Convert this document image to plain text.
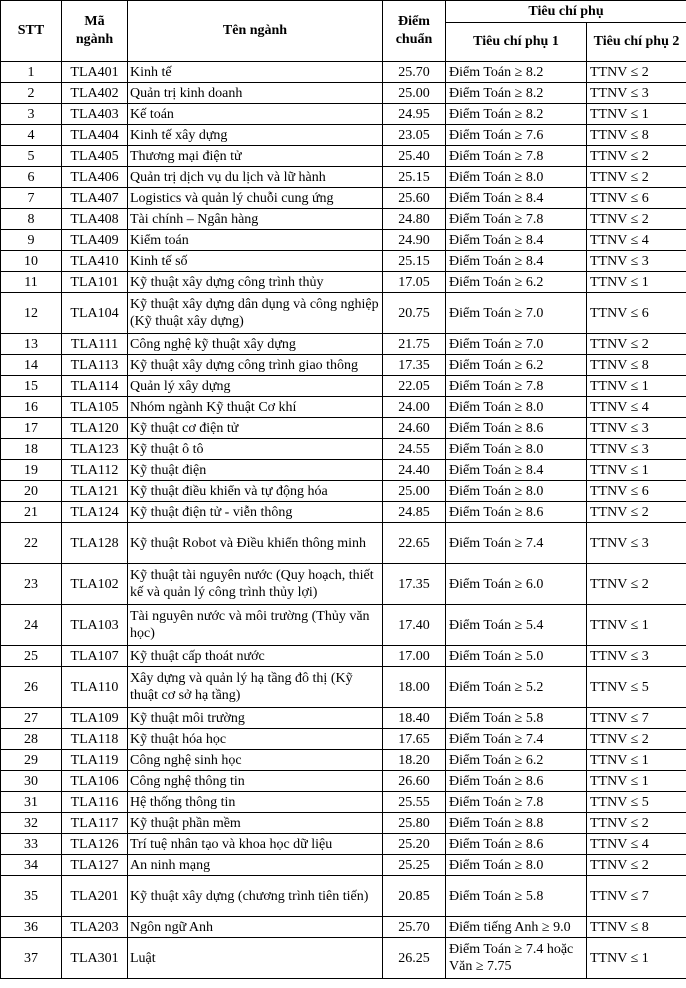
STT	Mã ngành	Tên ngành	Điểm chuẩn	Tiêu chí phụ	
				Tiêu chí phụ 1	Tiêu chí phụ 2
1	TLA401	Kinh tế	25.70	Điểm Toán ≥ 8.2	TTNV ≤ 2
2	TLA402	Quản trị kinh doanh	25.00	Điểm Toán ≥ 8.2	TTNV ≤ 3
3	TLA403	Kế toán	24.95	Điểm Toán ≥ 8.2	TTNV ≤ 1
4	TLA404	Kinh tế xây dựng	23.05	Điểm Toán ≥ 7.6	TTNV ≤ 8
5	TLA405	Thương mại điện tử	25.40	Điểm Toán ≥ 7.8	TTNV ≤ 2
6	TLA406	Quản trị dịch vụ du lịch và lữ hành	25.15	Điểm Toán ≥ 8.0	TTNV ≤ 2
7	TLA407	Logistics và quản lý chuỗi cung ứng	25.60	Điểm Toán ≥ 8.4	TTNV ≤ 6
8	TLA408	Tài chính – Ngân hàng	24.80	Điểm Toán ≥ 7.8	TTNV ≤ 2
9	TLA409	Kiểm toán	24.90	Điểm Toán ≥ 8.4	TTNV ≤ 4
10	TLA410	Kinh tế số	25.15	Điểm Toán ≥ 8.4	TTNV ≤ 3
11	TLA101	Kỹ thuật xây dựng công trình thủy	17.05	Điểm Toán ≥ 6.2	TTNV ≤ 1
12	TLA104	Kỹ thuật xây dựng dân dụng và công nghiệp (Kỹ thuật xây dựng)	20.75	Điểm Toán ≥ 7.0	TTNV ≤ 6
13	TLA111	Công nghệ kỹ thuật xây dựng	21.75	Điểm Toán ≥ 7.0	TTNV ≤ 2
14	TLA113	Kỹ thuật xây dựng công trình giao thông	17.35	Điểm Toán ≥ 6.2	TTNV ≤ 8
15	TLA114	Quản lý xây dựng	22.05	Điểm Toán ≥ 7.8	TTNV ≤ 1
16	TLA105	Nhóm ngành Kỹ thuật Cơ khí	24.00	Điểm Toán ≥ 8.0	TTNV ≤ 4
17	TLA120	Kỹ thuật cơ điện tử	24.60	Điểm Toán ≥ 8.6	TTNV ≤ 3
18	TLA123	Kỹ thuật ô tô	24.55	Điểm Toán ≥ 8.0	TTNV ≤ 3
19	TLA112	Kỹ thuật điện	24.40	Điểm Toán ≥ 8.4	TTNV ≤ 1
20	TLA121	Kỹ thuật điều khiển và tự động hóa	25.00	Điểm Toán ≥ 8.0	TTNV ≤ 6
21	TLA124	Kỹ thuật điện tử - viễn thông	24.85	Điểm Toán ≥ 8.6	TTNV ≤ 2
22	TLA128	Kỹ thuật Robot và Điều khiển thông minh	22.65	Điểm Toán ≥ 7.4	TTNV ≤ 3
23	TLA102	Kỹ thuật tài nguyên nước (Quy hoạch, thiết kế và quản lý công trình thủy lợi)	17.35	Điểm Toán ≥ 6.0	TTNV ≤ 2
24	TLA103	Tài nguyên nước và môi trường (Thủy văn học)	17.40	Điểm Toán ≥ 5.4	TTNV ≤ 1
25	TLA107	Kỹ thuật cấp thoát nước	17.00	Điểm Toán ≥ 5.0	TTNV ≤ 3
26	TLA110	Xây dựng và quản lý hạ tầng đô thị (Kỹ thuật cơ sở hạ tầng)	18.00	Điểm Toán ≥ 5.2	TTNV ≤ 5
27	TLA109	Kỹ thuật môi trường	18.40	Điểm Toán ≥ 5.8	TTNV ≤ 7
28	TLA118	Kỹ thuật hóa học	17.65	Điểm Toán ≥ 7.4	TTNV ≤ 2
29	TLA119	Công nghệ sinh học	18.20	Điểm Toán ≥ 6.2	TTNV ≤ 1
30	TLA106	Công nghệ thông tin	26.60	Điểm Toán ≥ 8.6	TTNV ≤ 1
31	TLA116	Hệ thống thông tin	25.55	Điểm Toán ≥ 7.8	TTNV ≤ 5
32	TLA117	Kỹ thuật phần mềm	25.80	Điểm Toán ≥ 8.8	TTNV ≤ 2
33	TLA126	Trí tuệ nhân tạo và khoa học dữ liệu	25.20	Điểm Toán ≥ 8.6	TTNV ≤ 4
34	TLA127	An ninh mạng	25.25	Điểm Toán ≥ 8.0	TTNV ≤ 2
35	TLA201	Kỹ thuật xây dựng (chương trình tiên tiến)	20.85	Điểm Toán ≥ 5.8	TTNV ≤ 7
36	TLA203	Ngôn ngữ Anh	25.70	Điểm tiếng Anh ≥ 9.0	TTNV ≤ 8
37	TLA301	Luật	26.25	Điểm Toán ≥ 7.4 hoặc Văn ≥ 7.75	TTNV ≤ 1
